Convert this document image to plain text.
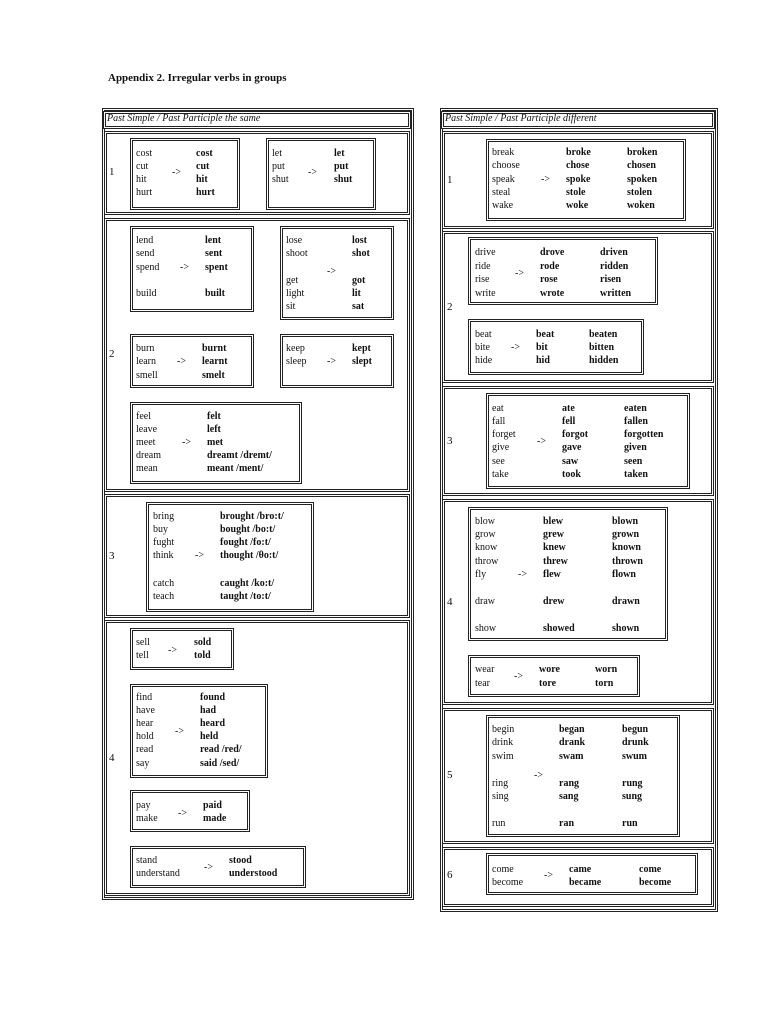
Appendix 2. Irregular verbs in groups
Past Simple / Past Participle the same
1
2
3
4
Past Simple / Past Participle different
1
2
3
4
5
6
cost	cost
cut	cut
hit	hit
hurt	hurt
->
let	let
put	put
shut	shut
->
lend	lent
send	sent
spend	spent
build	built
->
lose	lost
shoot	shot
get	got
light	lit
sit	sat
->
burn	burnt
learn	learnt
smell	smelt
->
keep	kept
sleep	slept
->
feel	felt
leave	left
meet	met
dream	dreamt /dremt/
mean	meant /ment/
->
bring	brought /bro:t/
buy	bought /bo:t/
fught	fought /fo:t/
think	thought /θo:t/
catch	caught /ko:t/
teach	taught /to:t/
->
sell	sold
tell	told
->
find	found
have	had
hear	heard
hold	held
read	read /red/
say	said /sed/
->
pay	paid
make	made
->
stand	stood
understand	understood
->
break	broke	broken
choose	chose	chosen
speak	spoke	spoken
steal	stole	stolen
wake	woke	woken
->
drive	drove	driven
ride	rode	ridden
rise	rose	risen
write	wrote	written
->
beat	beat	beaten
bite	bit	bitten
hide	hid	hidden
->
eat	ate	eaten
fall	fell	fallen
forget	forgot	forgotten
give	gave	given
see	saw	seen
take	took	taken
->
blow	blew	blown
grow	grew	grown
know	knew	known
throw	threw	thrown
fly	flew	flown
draw	drew	drawn
show	showed	shown
->
wear	wore	worn
tear	tore	torn
->
begin	began	begun
drink	drank	drunk
swim	swam	swum
ring	rang	rung
sing	sang	sung
run	ran	run
->
come	came	come
become	became	become
->
